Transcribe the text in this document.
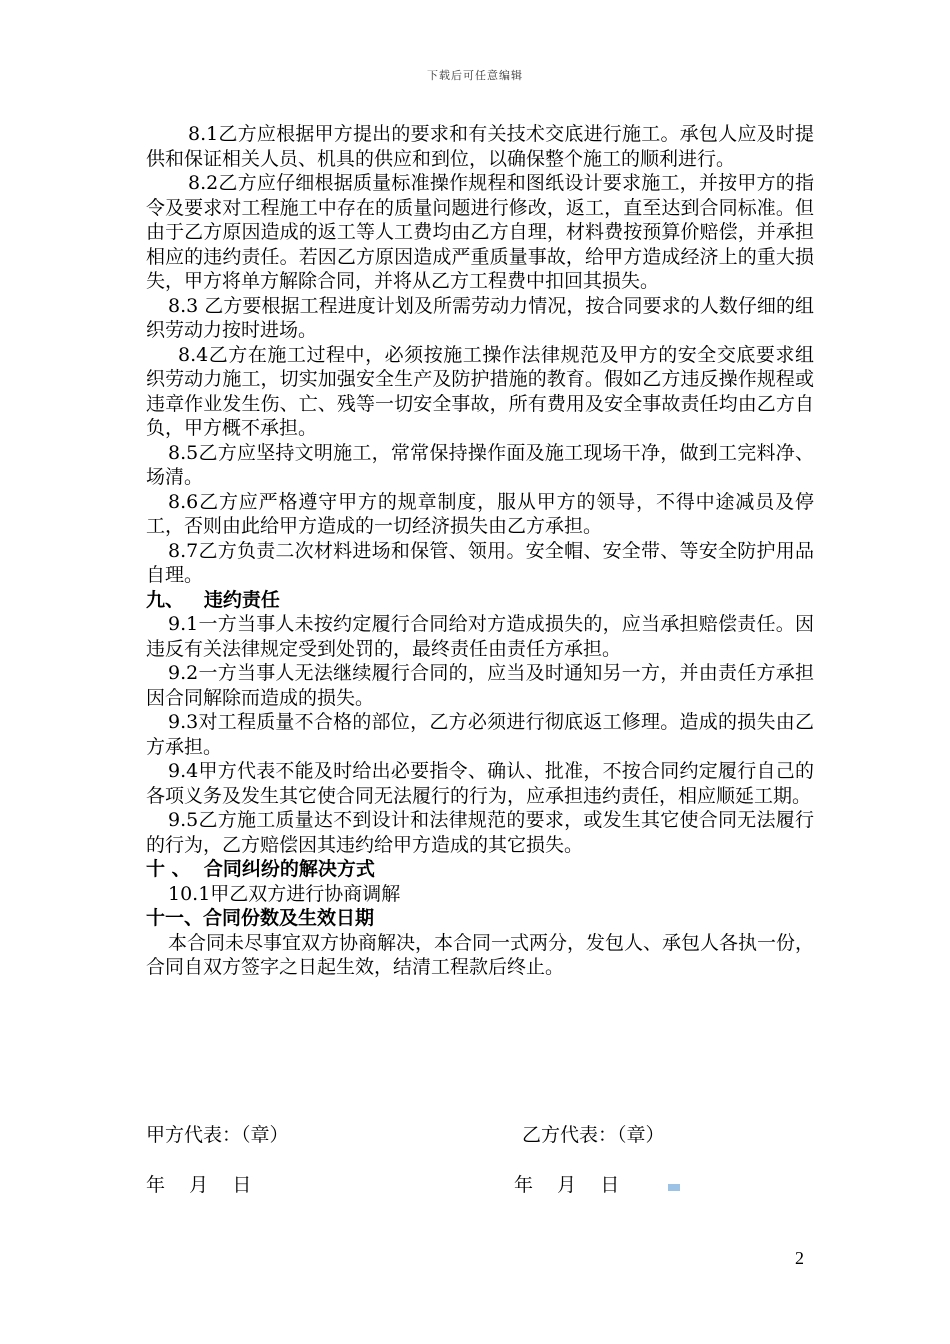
下载后可任意编辑

8.1乙方应根据甲方提出的要求和有关技术交底进行施工。承包人应及时提供和保证相关人员、机具的供应和到位，以确保整个施工的顺利进行。

8.2乙方应仔细根据质量标准操作规程和图纸设计要求施工，并按甲方的指令及要求对工程施工中存在的质量问题进行修改，返工，直至达到合同标准。但由于乙方原因造成的返工等人工费均由乙方自理，材料费按预算价赔偿，并承担相应的违约责任。若因乙方原因造成严重质量事故，给甲方造成经济上的重大损失，甲方将单方解除合同，并将从乙方工程费中扣回其损失。

8.3 乙方要根据工程进度计划及所需劳动力情况，按合同要求的人数仔细的组织劳动力按时进场。

8.4乙方在施工过程中，必须按施工操作法律规范及甲方的安全交底要求组织劳动力施工，切实加强安全生产及防护措施的教育。假如乙方违反操作规程或违章作业发生伤、亡、残等一切安全事故，所有费用及安全事故责任均由乙方自负，甲方概不承担。

8.5乙方应坚持文明施工，常常保持操作面及施工现场干净，做到工完料净、场清。

8.6乙方应严格遵守甲方的规章制度，服从甲方的领导，不得中途减员及停工，否则由此给甲方造成的一切经济损失由乙方承担。

8.7乙方负责二次材料进场和保管、领用。安全帽、安全带、等安全防护用品自理。

九、   违约责任

9.1一方当事人未按约定履行合同给对方造成损失的，应当承担赔偿责任。因违反有关法律规定受到处罚的，最终责任由责任方承担。

9.2一方当事人无法继续履行合同的，应当及时通知另一方，并由责任方承担因合同解除而造成的损失。

9.3对工程质量不合格的部位，乙方必须进行彻底返工修理。造成的损失由乙方承担。

9.4甲方代表不能及时给出必要指令、确认、批准，不按合同约定履行自己的各项义务及发生其它使合同无法履行的行为，应承担违约责任，相应顺延工期。

9.5乙方施工质量达不到设计和法律规范的要求，或发生其它使合同无法履行的行为，乙方赔偿因其违约给甲方造成的其它损失。

十 、  合同纠纷的解决方式

10.1甲乙双方进行协商调解

十一、合同份数及生效日期

本合同未尽事宜双方协商解决，本合同一式两分，发包人、承包人各执一份，合同自双方签字之日起生效，结清工程款后终止。

甲方代表：（章）	乙方代表：（章）
年    月    日	年    月    日
2
